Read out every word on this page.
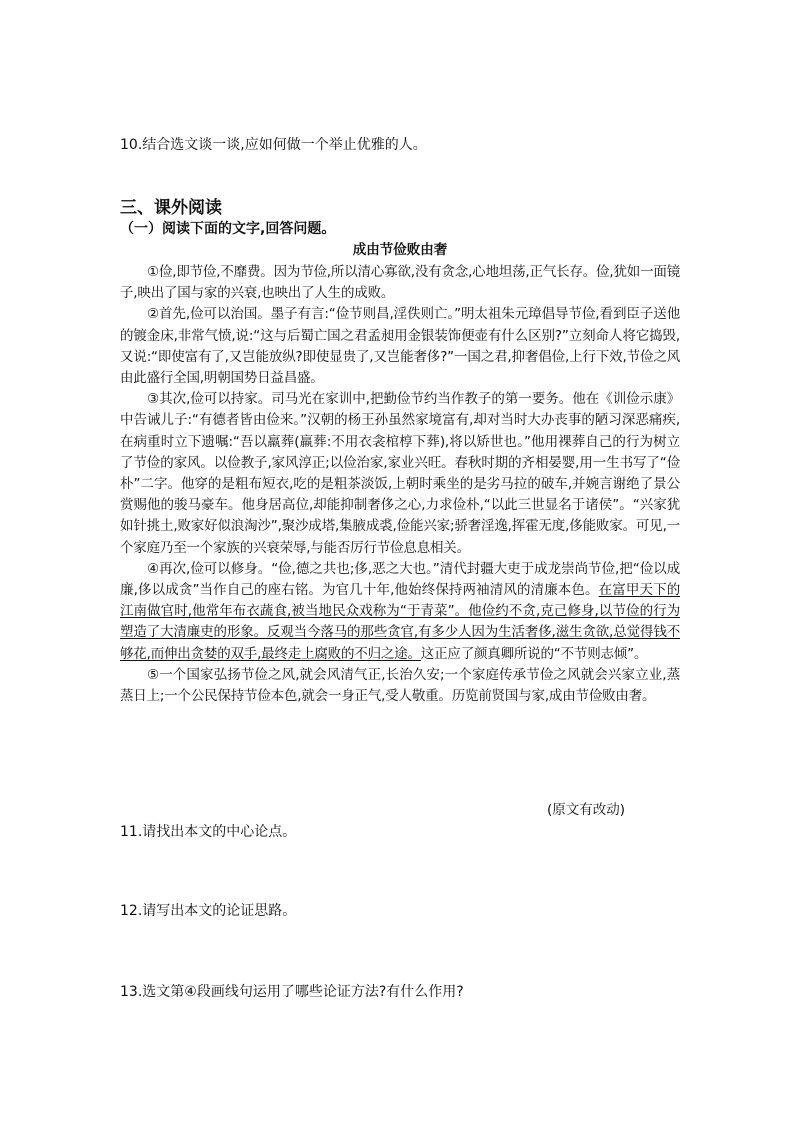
10.结合选文谈一谈,应如何做一个举止优雅的人。
三、课外阅读
（一）阅读下面的文字,回答问题。
成由节俭败由奢

①俭,即节俭,不靡费。因为节俭,所以清心寡欲,没有贪念,心地坦荡,正气长存。俭,犹如一面镜子,映出了国与家的兴衰,也映出了人生的成败。

②首先,俭可以治国。墨子有言:“俭节则昌,淫佚则亡。”明太祖朱元璋倡导节俭,看到臣子送他的镀金床,非常气愤,说:“这与后蜀亡国之君孟昶用金银装饰便壶有什么区别?”立刻命人将它捣毁,又说:“即使富有了,又岂能放纵?即使显贵了,又岂能奢侈?”一国之君,抑奢倡俭,上行下效,节俭之风由此盛行全国,明朝国势日益昌盛。

③其次,俭可以持家。司马光在家训中,把勤俭节约当作教子的第一要务。他在《训俭示康》中告诫儿子:“有德者皆由俭来。”汉朝的杨王孙虽然家境富有,却对当时大办丧事的陋习深恶痛疾,在病重时立下遗嘱:“吾以羸葬(羸葬:不用衣衾棺椁下葬),将以矫世也。”他用裸葬自己的行为树立了节俭的家风。以俭教子,家风淳正;以俭治家,家业兴旺。春秋时期的齐相晏婴,用一生书写了“俭朴”二字。他穿的是粗布短衣,吃的是粗茶淡饭,上朝时乘坐的是劣马拉的破车,并婉言谢绝了景公赏赐他的骏马豪车。他身居高位,却能抑制奢侈之心,力求俭朴,“以此三世显名于诸侯”。“兴家犹如针挑土,败家好似浪淘沙”,聚沙成塔,集腋成裘,俭能兴家;骄奢淫逸,挥霍无度,侈能败家。可见,一个家庭乃至一个家族的兴衰荣辱,与能否厉行节俭息息相关。

④再次,俭可以修身。“俭,德之共也;侈,恶之大也。”清代封疆大吏于成龙崇尚节俭,把“俭以成廉,侈以成贪”当作自己的座右铭。为官几十年,他始终保持两袖清风的清廉本色。在富甲天下的江南做官时,他常年布衣蔬食,被当地民众戏称为“于青菜”。他俭约不贪,克己修身,以节俭的行为塑造了大清廉吏的形象。反观当今落马的那些贪官,有多少人因为生活奢侈,滋生贪欲,总觉得钱不够花,而伸出贪婪的双手,最终走上腐败的不归之途。这正应了颜真卿所说的“不节则志倾”。

⑤一个国家弘扬节俭之风,就会风清气正,长治久安;一个家庭传承节俭之风就会兴家立业,蒸蒸日上;一个公民保持节俭本色,就会一身正气,受人敬重。历览前贤国与家,成由节俭败由奢。

(原文有改动)
11.请找出本文的中心论点。
12.请写出本文的论证思路。
13.选文第④段画线句运用了哪些论证方法?有什么作用?
